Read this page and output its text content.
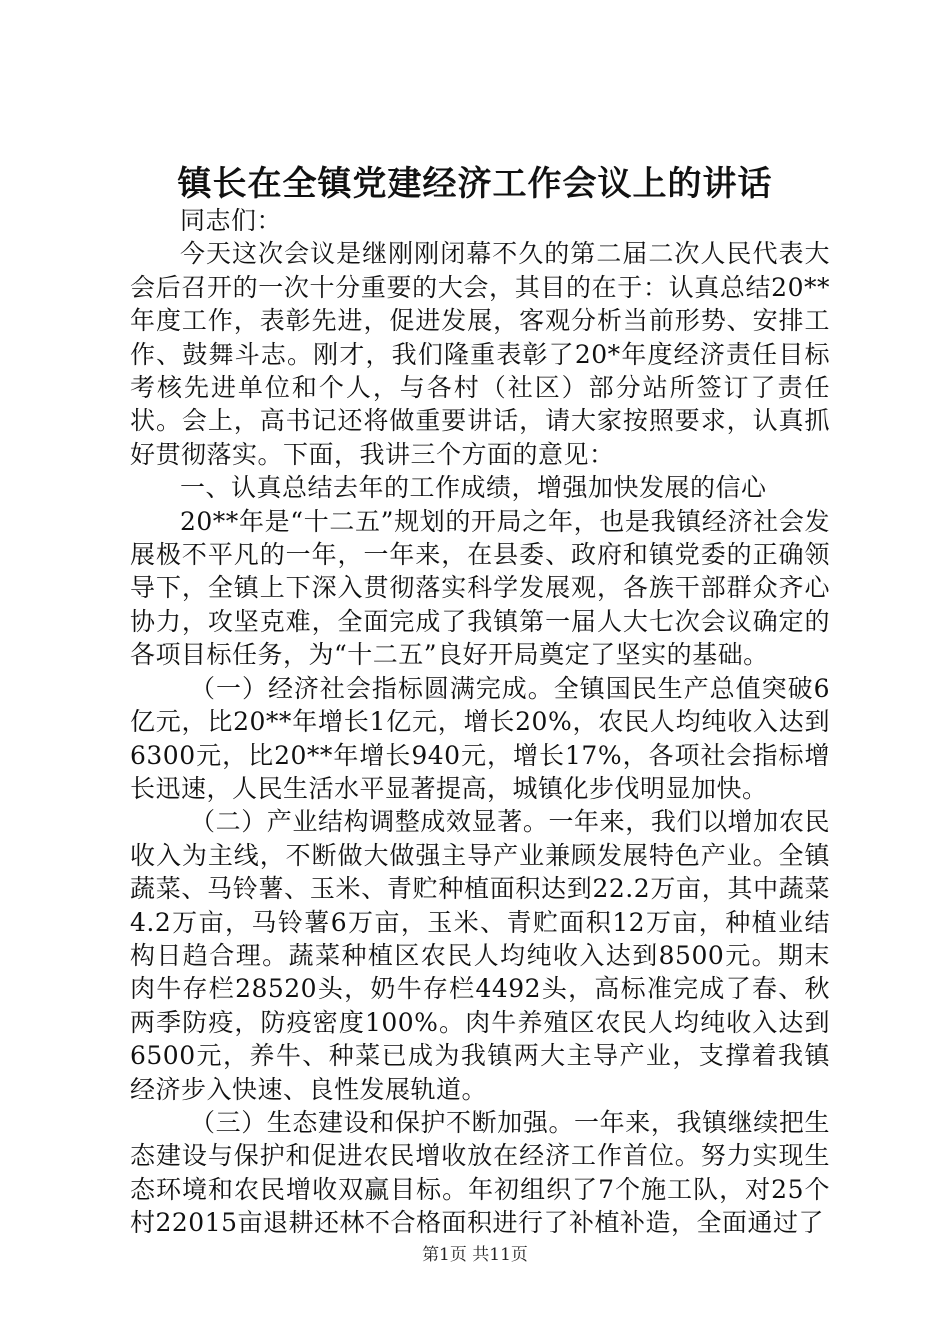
镇长在全镇党建经济工作会议上的讲话

同志们：

今天这次会议是继刚刚闭幕不久的第二届二次人民代表大会后召开的一次十分重要的大会，其目的在于：认真总结20**年度工作，表彰先进，促进发展，客观分析当前形势、安排工作、鼓舞斗志。刚才，我们隆重表彰了20*年度经济责任目标考核先进单位和个人，与各村（社区）部分站所签订了责任状。会上，高书记还将做重要讲话，请大家按照要求，认真抓好贯彻落实。下面，我讲三个方面的意见：

一、认真总结去年的工作成绩，增强加快发展的信心

20**年是“十二五”规划的开局之年，也是我镇经济社会发展极不平凡的一年，一年来，在县委、政府和镇党委的正确领导下，全镇上下深入贯彻落实科学发展观，各族干部群众齐心协力，攻坚克难，全面完成了我镇第一届人大七次会议确定的各项目标任务，为“十二五”良好开局奠定了坚实的基础。

（一）经济社会指标圆满完成。全镇国民生产总值突破6亿元，比20**年增长1亿元，增长20%，农民人均纯收入达到6300元，比20**年增长940元，增长17%，各项社会指标增长迅速，人民生活水平显著提高，城镇化步伐明显加快。

（二）产业结构调整成效显著。一年来，我们以增加农民收入为主线，不断做大做强主导产业兼顾发展特色产业。全镇蔬菜、马铃薯、玉米、青贮种植面积达到22.2万亩，其中蔬菜4.2万亩，马铃薯6万亩，玉米、青贮面积12万亩，种植业结构日趋合理。蔬菜种植区农民人均纯收入达到8500元。期末肉牛存栏28520头，奶牛存栏4492头，高标准完成了春、秋两季防疫，防疫密度100%。肉牛养殖区农民人均纯收入达到6500元，养牛、种菜已成为我镇两大主导产业，支撑着我镇经济步入快速、良性发展轨道。

（三）生态建设和保护不断加强。一年来，我镇继续把生态建设与保护和促进农民增收放在经济工作首位。努力实现生态环境和农民增收双赢目标。年初组织了7个施工队，对25个村22015亩退耕还林不合格面积进行了补植补造，全面通过了

第1页 共11页
